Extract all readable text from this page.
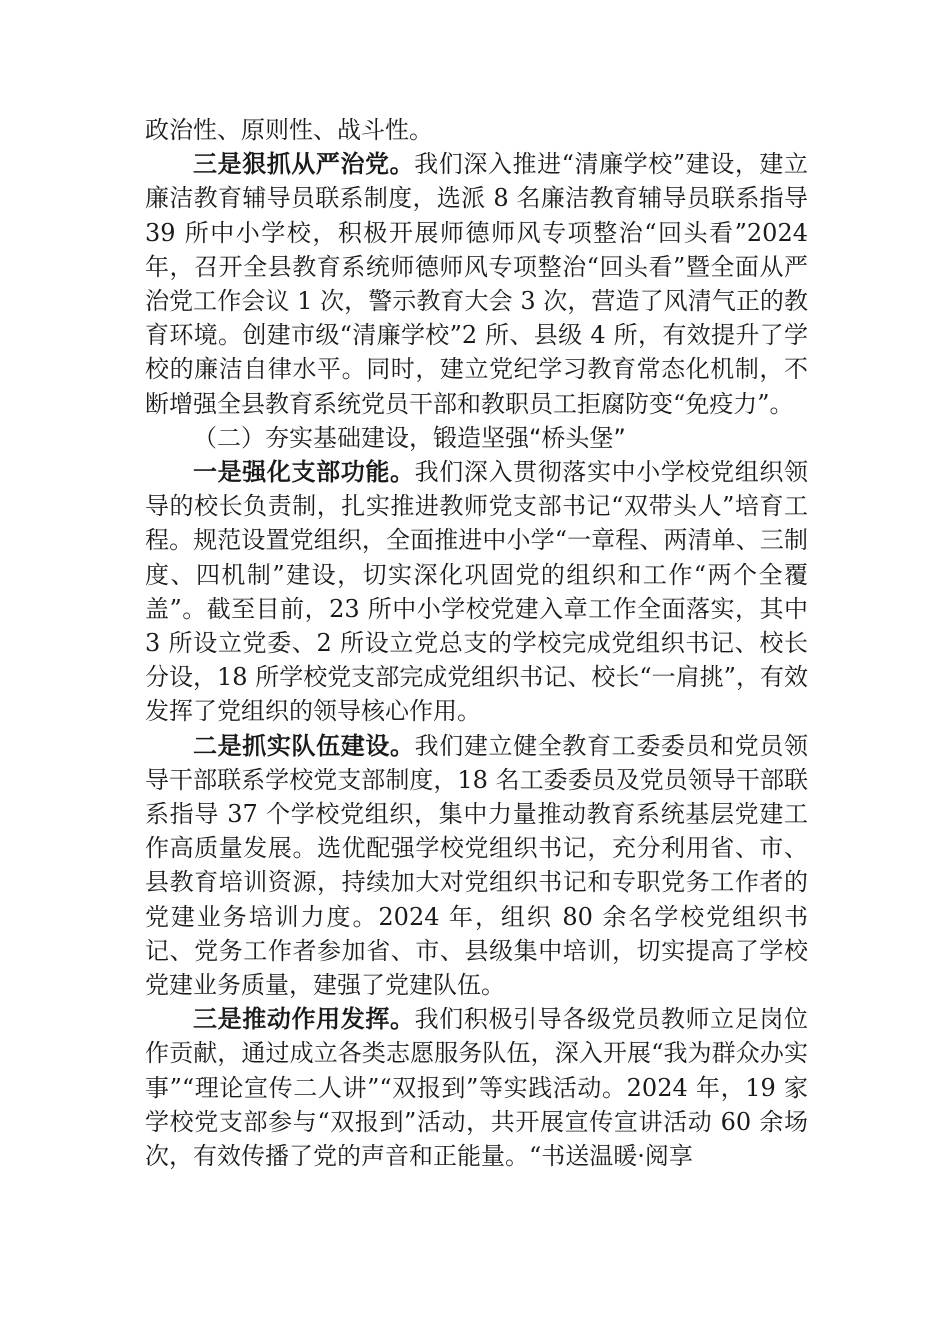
政治性、原则性、战斗性。

三是狠抓从严治党。我们深入推进“清廉学校”建设，建立廉洁教育辅导员联系制度，选派 8 名廉洁教育辅导员联系指导 39 所中小学校，积极开展师德师风专项整治“回头看”2024 年，召开全县教育系统师德师风专项整治“回头看”暨全面从严治党工作会议 1 次，警示教育大会 3 次，营造了风清气正的教育环境。创建市级“清廉学校”2 所、县级 4 所，有效提升了学校的廉洁自律水平。同时，建立党纪学习教育常态化机制，不断增强全县教育系统党员干部和教职员工拒腐防变“免疫力”。

（二）夯实基础建设，锻造坚强“桥头堡”

一是强化支部功能。我们深入贯彻落实中小学校党组织领导的校长负责制，扎实推进教师党支部书记“双带头人”培育工程。规范设置党组织，全面推进中小学“一章程、两清单、三制度、四机制”建设，切实深化巩固党的组织和工作“两个全覆盖”。截至目前，23 所中小学校党建入章工作全面落实，其中 3 所设立党委、2 所设立党总支的学校完成党组织书记、校长分设，18 所学校党支部完成党组织书记、校长“一肩挑”，有效发挥了党组织的领导核心作用。

二是抓实队伍建设。我们建立健全教育工委委员和党员领导干部联系学校党支部制度，18 名工委委员及党员领导干部联系指导 37 个学校党组织，集中力量推动教育系统基层党建工作高质量发展。选优配强学校党组织书记，充分利用省、市、县教育培训资源，持续加大对党组织书记和专职党务工作者的党建业务培训力度。2024 年，组织 80 余名学校党组织书记、党务工作者参加省、市、县级集中培训，切实提高了学校党建业务质量，建强了党建队伍。

三是推动作用发挥。我们积极引导各级党员教师立足岗位作贡献，通过成立各类志愿服务队伍，深入开展“我为群众办实事”“理论宣传二人讲”“双报到”等实践活动。2024 年，19 家学校党支部参与“双报到”活动，共开展宣传宣讲活动 60 余场次，有效传播了党的声音和正能量。“书送温暖·阅享
